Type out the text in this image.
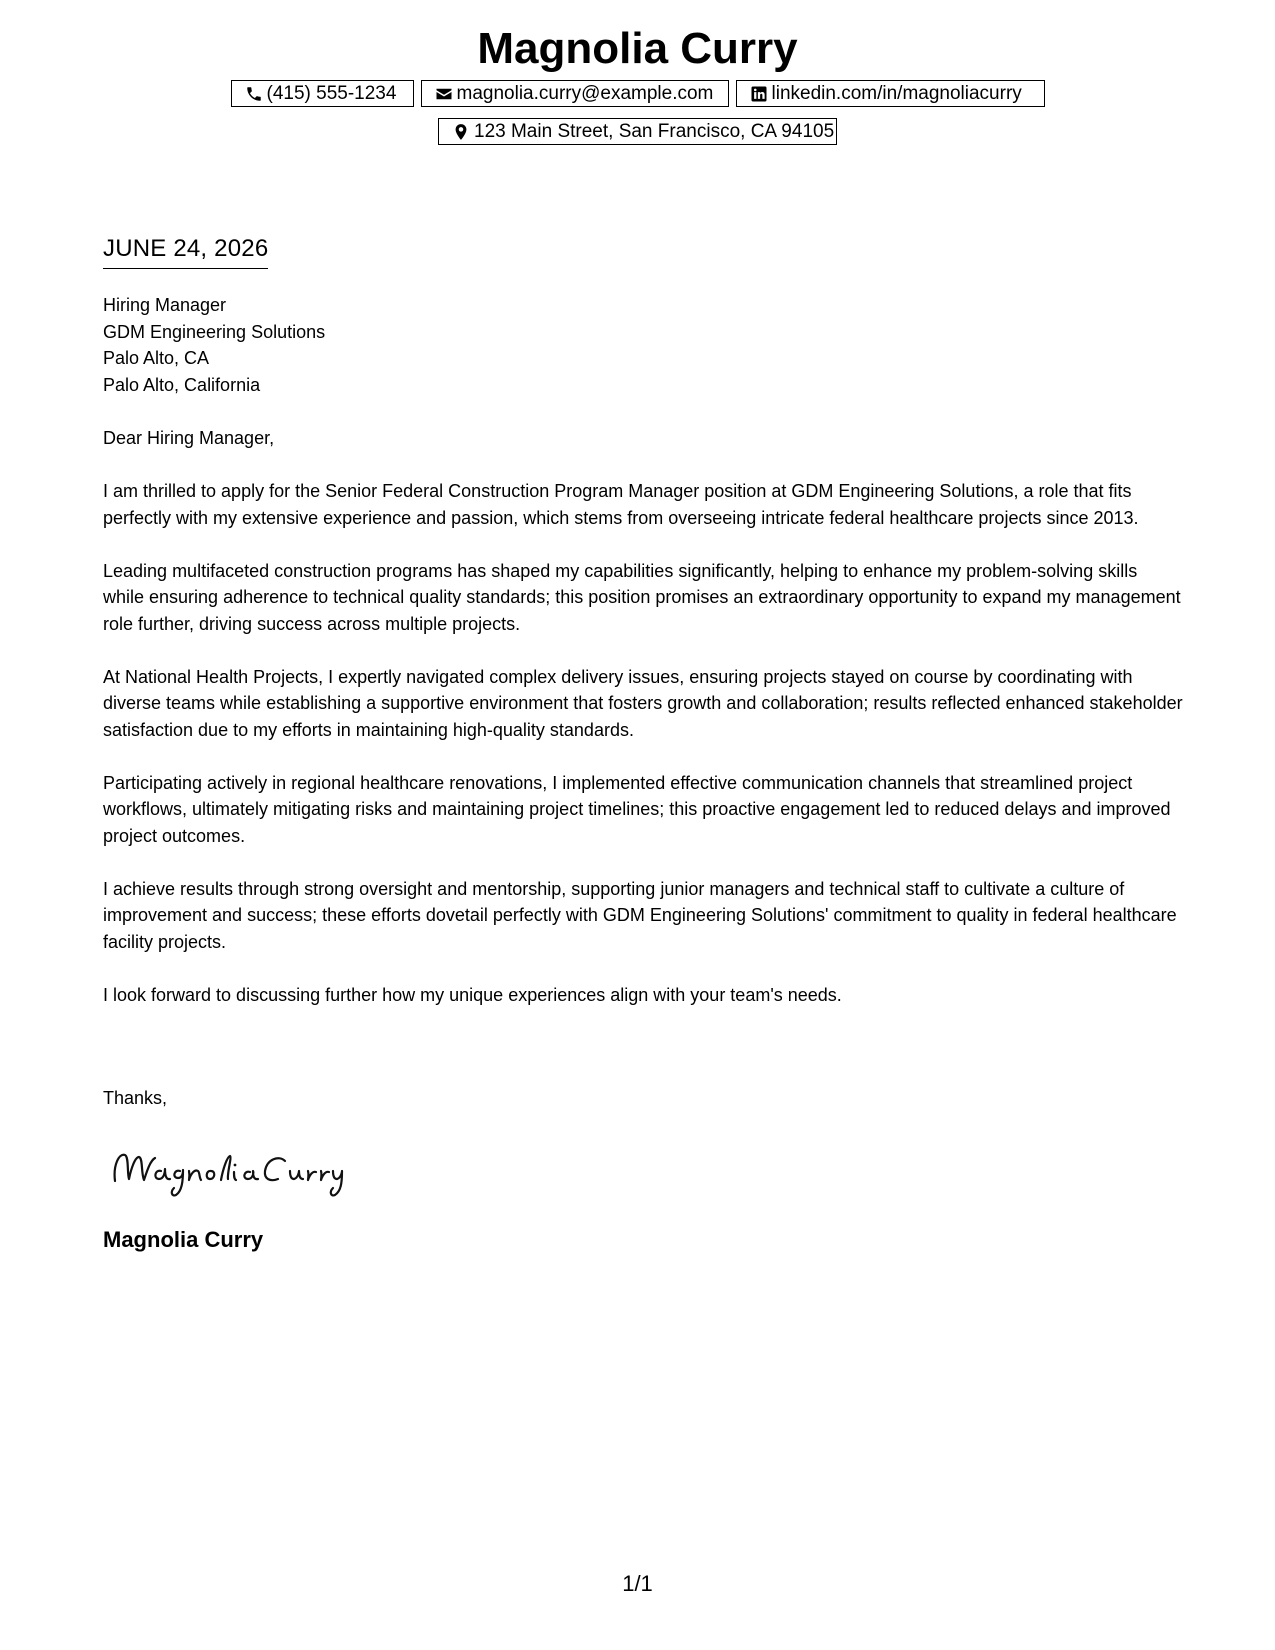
Magnolia Curry
(415) 555-1234	magnolia.curry@example.com	linkedin.com/in/magnoliacurry
123 Main Street, San Francisco, CA 94105
JUNE 24, 2026
Hiring Manager
GDM Engineering Solutions
Palo Alto, CA
Palo Alto, California
Dear Hiring Manager,

I am thrilled to apply for the Senior Federal Construction Program Manager position at GDM Engineering Solutions, a role that fits perfectly with my extensive experience and passion, which stems from overseeing intricate federal healthcare projects since 2013.

Leading multifaceted construction programs has shaped my capabilities significantly, helping to enhance my problem-solving skills while ensuring adherence to technical quality standards; this position promises an extraordinary opportunity to expand my management role further, driving success across multiple projects.

At National Health Projects, I expertly navigated complex delivery issues, ensuring projects stayed on course by coordinating with diverse teams while establishing a supportive environment that fosters growth and collaboration; results reflected enhanced stakeholder satisfaction due to my efforts in maintaining high-quality standards.

Participating actively in regional healthcare renovations, I implemented effective communication channels that streamlined project workflows, ultimately mitigating risks and maintaining project timelines; this proactive engagement led to reduced delays and improved project outcomes.

I achieve results through strong oversight and mentorship, supporting junior managers and technical staff to cultivate a culture of improvement and success; these efforts dovetail perfectly with GDM Engineering Solutions' commitment to quality in federal healthcare facility projects.

I look forward to discussing further how my unique experiences align with your team's needs.

Thanks,
Magnolia Curry
1/1
